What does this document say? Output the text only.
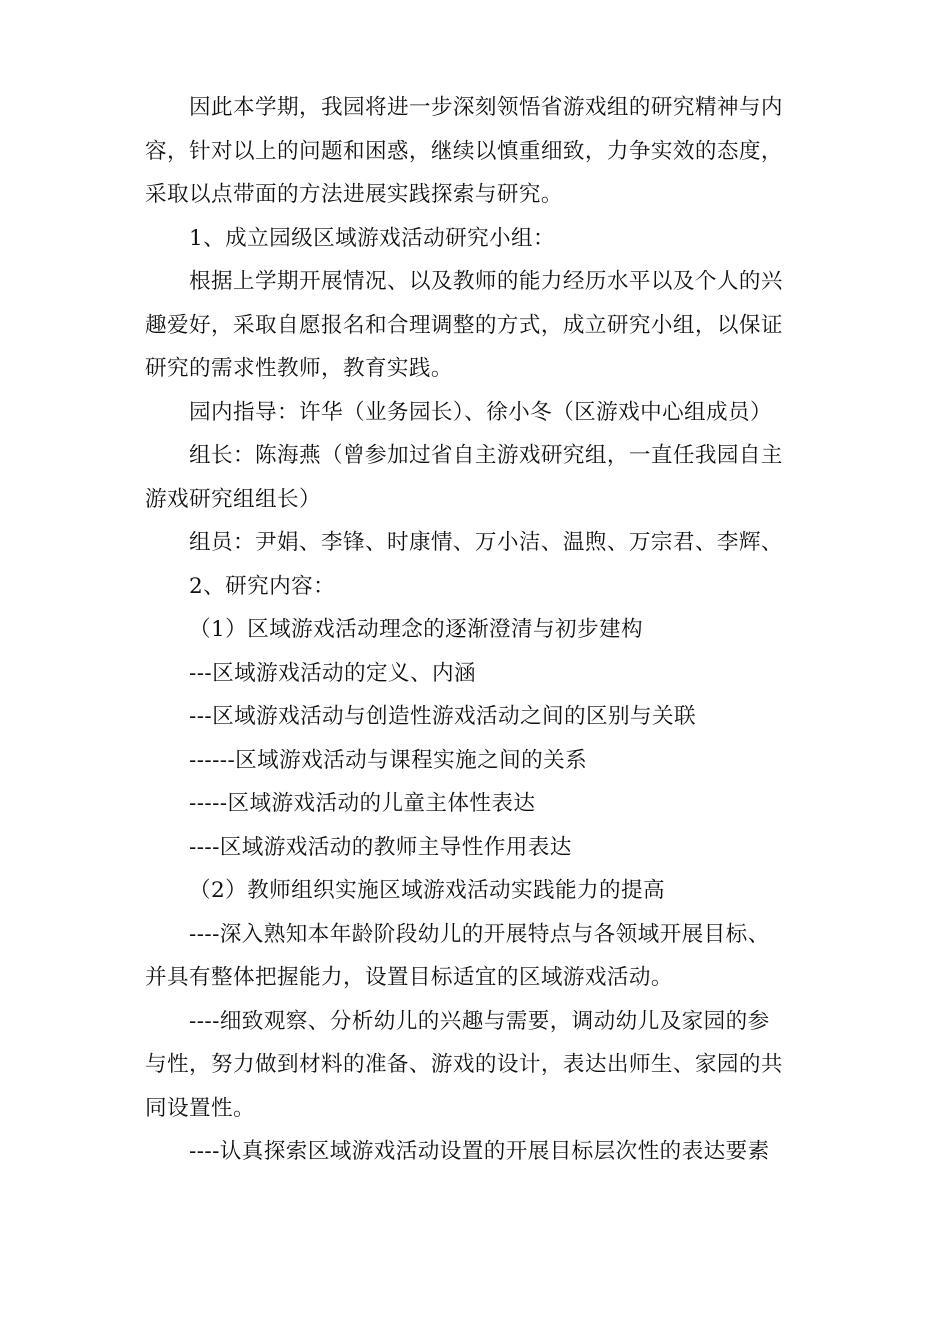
因此本学期，我园将进一步深刻领悟省游戏组的研究精神与内
容，针对以上的问题和困惑，继续以慎重细致，力争实效的态度，
采取以点带面的方法进展实践探索与研究。
1、成立园级区域游戏活动研究小组：
根据上学期开展情况、以及教师的能力经历水平以及个人的兴
趣爱好，采取自愿报名和合理调整的方式，成立研究小组，以保证
研究的需求性教师，教育实践。
园内指导：许华（业务园长）、徐小冬（区游戏中心组成员）
组长：陈海燕（曾参加过省自主游戏研究组，一直任我园自主
游戏研究组组长）
组员：尹娟、李锋、时康情、万小洁、温煦、万宗君、李辉、
2、研究内容：
（1）区域游戏活动理念的逐渐澄清与初步建构
---区域游戏活动的定义、内涵
---区域游戏活动与创造性游戏活动之间的区别与关联
------区域游戏活动与课程实施之间的关系
-----区域游戏活动的儿童主体性表达
----区域游戏活动的教师主导性作用表达
（2）教师组织实施区域游戏活动实践能力的提高
----深入熟知本年龄阶段幼儿的开展特点与各领域开展目标、
并具有整体把握能力，设置目标适宜的区域游戏活动。
----细致观察、分析幼儿的兴趣与需要，调动幼儿及家园的参
与性，努力做到材料的准备、游戏的设计，表达出师生、家园的共
同设置性。
----认真探索区域游戏活动设置的开展目标层次性的表达要素
